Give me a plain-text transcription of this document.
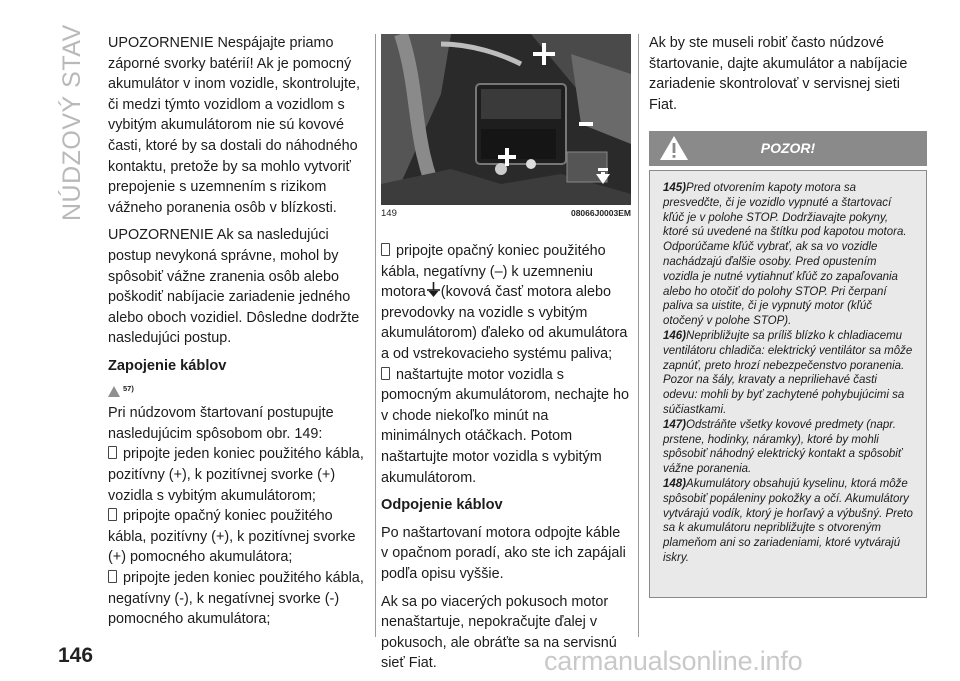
NÚDZOVÝ STAV
146

UPOZORNENIE Nespájajte priamo záporné svorky batérií! Ak je pomocný akumulátor v inom vozidle, skontrolujte, či medzi týmto vozidlom a vozidlom s vybitým akumulátorom nie sú kovové časti, ktoré by sa dostali do náhodného kontaktu, pretože by sa mohlo vytvoriť prepojenie s uzemnením s rizikom vážneho poranenia osôb v blízkosti.

UPOZORNENIE Ak sa nasledujúci postup nevykoná správne, mohol by spôsobiť vážne zranenia osôb alebo poškodiť nabíjacie zariadenie jedného alebo oboch vozidiel. Dôsledne dodržte nasledujúci postup.

Zapojenie káblov

$^{57)}$

Pri núdzovom štartovaní postupujte nasledujúcim spôsobom obr. 149:

pripojte jeden koniec použitého kábla, pozitívny (+), k pozitívnej svorke (+) vozidla s vybitým akumulátorom;

pripojte opačný koniec použitého kábla, pozitívny (+), k pozitívnej svorke (+) pomocného akumulátora;

pripojte jeden koniec použitého kábla, negatívny (-), k negatívnej svorke (-) pomocného akumulátora;

149	08066J0003EM

pripojte opačný koniec použitého kábla, negatívny (–) k uzemneniu motora (kovová časť motora alebo prevodovky na vozidle s vybitým akumulátorom) ďaleko od akumulátora a od vstrekovacieho systému paliva;

naštartujte motor vozidla s pomocným akumulátorom, nechajte ho v chode niekoľko minút na minimálnych otáčkach. Potom naštartujte motor vozidla s vybitým akumulátorom.

Odpojenie káblov

Po naštartovaní motora odpojte káble v opačnom poradí, ako ste ich zapájali podľa opisu vyššie.

Ak sa po viacerých pokusoch motor nenaštartuje, nepokračujte ďalej v pokusoch, ale obráťte sa na servisnú sieť Fiat.

Ak by ste museli robiť často núdzové štartovanie, dajte akumulátor a nabíjacie zariadenie skontrolovať v servisnej sieti Fiat.

POZOR!

145)Pred otvorením kapoty motora sa presvedčte, či je vozidlo vypnuté a štartovací kľúč je v polohe STOP. Dodržiavajte pokyny, ktoré sú uvedené na štítku pod kapotou motora. Odporúčame kľúč vybrať, ak sa vo vozidle nachádzajú ďalšie osoby. Pred opustením vozidla je nutné vytiahnuť kľúč zo zapaľovania alebo ho otočiť do polohy STOP. Pri čerpaní paliva sa uistite, či je vypnutý motor (kľúč otočený v polohe STOP).

146)Nepribližujte sa príliš blízko k chladiacemu ventilátoru chladiča: elektrický ventilátor sa môže zapnúť, preto hrozí nebezpečenstvo poranenia. Pozor na šály, kravaty a nepriliehavé časti odevu: mohli by byť zachytené pohybujúcimi sa súčiastkami.

147)Odstráňte všetky kovové predmety (napr. prstene, hodinky, náramky), ktoré by mohli spôsobiť náhodný elektrický kontakt a spôsobiť vážne poranenia.

148)Akumulátory obsahujú kyselinu, ktorá môže spôsobiť popáleniny pokožky a očí. Akumulátory vytvárajú vodík, ktorý je horľavý a výbušný. Preto sa k akumulátoru nepribližujte s otvoreným plameňom ani so zariadeniami, ktoré vytvárajú iskry.

carmanualsonline.info
